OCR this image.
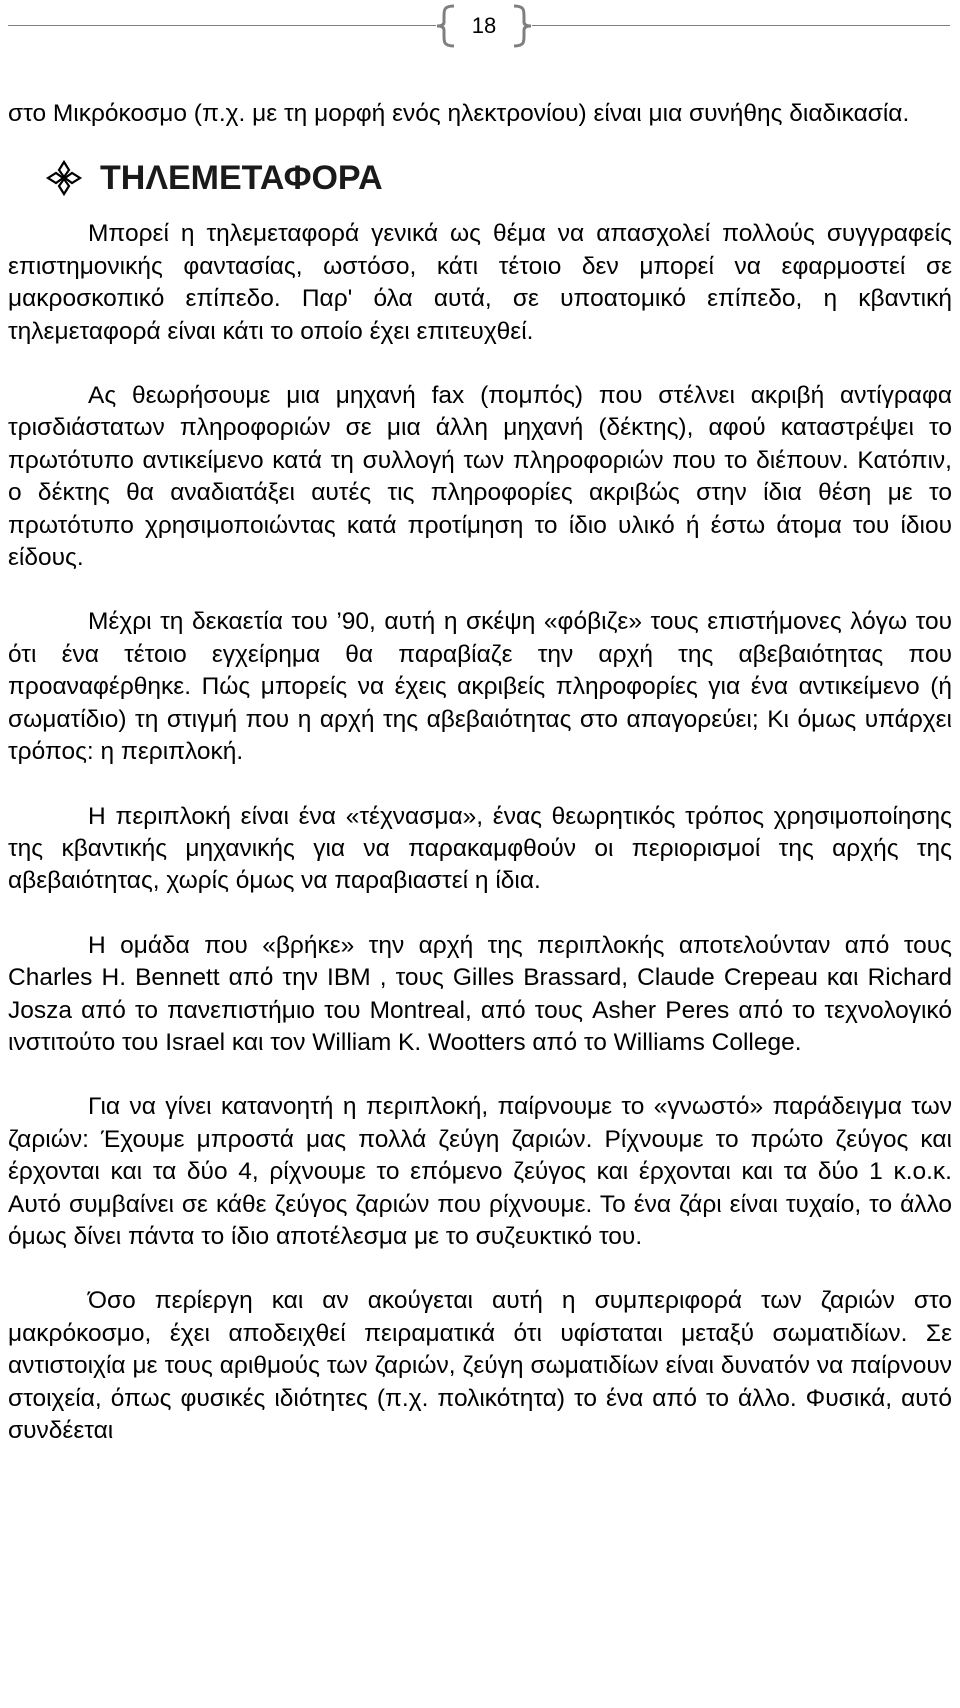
18

στο Μικρόκοσμο (π.χ. με τη μορφή ενός ηλεκτρονίου) είναι μια συνήθης διαδικασία.

ΤΗΛΕΜΕΤΑΦΟΡΑ

Μπορεί η τηλεμεταφορά γενικά ως θέμα να απασχολεί πολλούς συγγραφείς επιστημονικής φαντασίας, ωστόσο, κάτι τέτοιο δεν μπορεί να εφαρμοστεί σε μακροσκοπικό επίπεδο. Παρ' όλα αυτά, σε υποατομικό επίπεδο, η κβαντική τηλεμεταφορά είναι κάτι το οποίο έχει επιτευχθεί.

Ας θεωρήσουμε μια μηχανή fax (πομπός) που στέλνει ακριβή αντίγραφα τρισδιάστατων πληροφοριών σε μια άλλη μηχανή (δέκτης), αφού καταστρέψει το πρωτότυπο αντικείμενο κατά τη συλλογή των πληροφοριών που το διέπουν. Κατόπιν, ο δέκτης θα αναδιατάξει αυτές τις πληροφορίες ακριβώς στην ίδια θέση με το πρωτότυπο χρησιμοποιώντας κατά προτίμηση το ίδιο υλικό ή έστω άτομα του ίδιου είδους.

Μέχρι τη δεκαετία του ’90, αυτή η σκέψη «φόβιζε» τους επιστήμονες λόγω του ότι ένα τέτοιο εγχείρημα θα παραβίαζε την αρχή της αβεβαιότητας που προαναφέρθηκε. Πώς μπορείς να έχεις ακριβείς πληροφορίες για ένα αντικείμενο (ή σωματίδιο) τη στιγμή που η αρχή της αβεβαιότητας στο απαγορεύει; Κι όμως υπάρχει τρόπος: η περιπλοκή.

Η περιπλοκή είναι ένα «τέχνασμα», ένας θεωρητικός τρόπος χρησιμοποίησης της κβαντικής μηχανικής για να παρακαμφθούν οι περιορισμοί της αρχής της αβεβαιότητας, χωρίς όμως να παραβιαστεί η ίδια.

Η ομάδα που «βρήκε» την αρχή της περιπλοκής αποτελούνταν από τους Charles H. Bennett από την IBM , τους Gilles Brassard, Claude Crepeau και Richard Josza από το πανεπιστήμιο του Montreal, από τους Asher Peres από το τεχνολογικό ινστιτούτο του Israel και τον William K. Wootters από το Williams College.

Για να γίνει κατανοητή η περιπλοκή, παίρνουμε το «γνωστό» παράδειγμα των ζαριών: Έχουμε μπροστά μας πολλά ζεύγη ζαριών. Ρίχνουμε το πρώτο ζεύγος και έρχονται και τα δύο 4, ρίχνουμε το επόμενο ζεύγος και έρχονται και τα δύο 1 κ.ο.κ. Αυτό συμβαίνει σε κάθε ζεύγος ζαριών που ρίχνουμε. Το ένα ζάρι είναι τυχαίο, το άλλο όμως δίνει πάντα το ίδιο αποτέλεσμα με το συζευκτικό του.

Όσο περίεργη και αν ακούγεται αυτή η συμπεριφορά των ζαριών στο μακρόκοσμο, έχει αποδειχθεί πειραματικά ότι υφίσταται μεταξύ σωματιδίων. Σε αντιστοιχία με τους αριθμούς των ζαριών, ζεύγη σωματιδίων είναι δυνατόν να παίρνουν στοιχεία, όπως φυσικές ιδιότητες (π.χ. πολικότητα) το ένα από το άλλο. Φυσικά, αυτό συνδέεται
